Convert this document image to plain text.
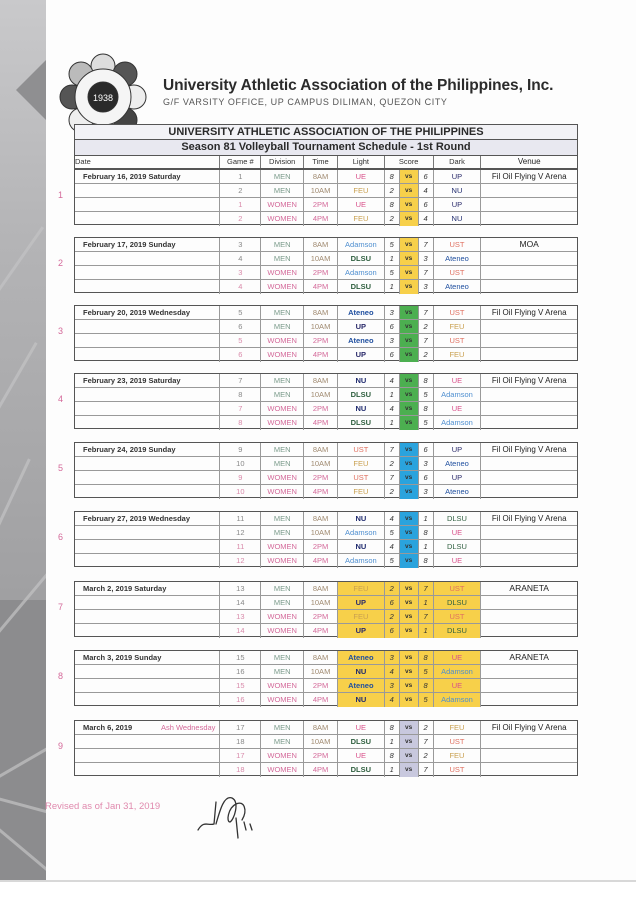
1938
University Athletic Association of the Philippines, Inc.
G/F VARSITY OFFICE, UP CAMPUS DILIMAN, QUEZON CITY
UNIVERSITY ATHLETIC ASSOCIATION OF THE PHILIPPINES
Season 81 Volleyball Tournament Schedule - 1st Round
Date	Game #	Division	Time	Light	Score	Dark	Venue
1
February 16, 2019 Saturday	1	MEN	8AM	UE	8	vs	6	UP	Fil Oil Flying V Arena
2	MEN	10AM	FEU	2	vs	4	NU
1	WOMEN	2PM	UE	8	vs	6	UP
2	WOMEN	4PM	FEU	2	vs	4	NU
2
February 17, 2019 Sunday	3	MEN	8AM	Adamson	5	vs	7	UST	MOA
4	MEN	10AM	DLSU	1	vs	3	Ateneo
3	WOMEN	2PM	Adamson	5	vs	7	UST
4	WOMEN	4PM	DLSU	1	vs	3	Ateneo
3
February 20, 2019 Wednesday	5	MEN	8AM	Ateneo	3	vs	7	UST	Fil Oil Flying V Arena
6	MEN	10AM	UP	6	vs	2	FEU
5	WOMEN	2PM	Ateneo	3	vs	7	UST
6	WOMEN	4PM	UP	6	vs	2	FEU
4
February 23, 2019 Saturday	7	MEN	8AM	NU	4	vs	8	UE	Fil Oil Flying V Arena
8	MEN	10AM	DLSU	1	vs	5	Adamson
7	WOMEN	2PM	NU	4	vs	8	UE
8	WOMEN	4PM	DLSU	1	vs	5	Adamson
5
February 24, 2019 Sunday	9	MEN	8AM	UST	7	vs	6	UP	Fil Oil Flying V Arena
10	MEN	10AM	FEU	2	vs	3	Ateneo
9	WOMEN	2PM	UST	7	vs	6	UP
10	WOMEN	4PM	FEU	2	vs	3	Ateneo
6
February 27, 2019 Wednesday	11	MEN	8AM	NU	4	vs	1	DLSU	Fil Oil Flying V Arena
12	MEN	10AM	Adamson	5	vs	8	UE
11	WOMEN	2PM	NU	4	vs	1	DLSU
12	WOMEN	4PM	Adamson	5	vs	8	UE
7
March 2, 2019 Saturday	13	MEN	8AM	FEU	2	vs	7	UST	ARANETA
14	MEN	10AM	UP	6	vs	1	DLSU
13	WOMEN	2PM	FEU	2	vs	7	UST
14	WOMEN	4PM	UP	6	vs	1	DLSU
8
March 3, 2019 Sunday	15	MEN	8AM	Ateneo	3	vs	8	UE	ARANETA
16	MEN	10AM	NU	4	vs	5	Adamson
15	WOMEN	2PM	Ateneo	3	vs	8	UE
16	WOMEN	4PM	NU	4	vs	5	Adamson
9
March 6, 2019	Ash Wednesday	17	MEN	8AM	UE	8	vs	2	FEU	Fil Oil Flying V Arena
18	MEN	10AM	DLSU	1	vs	7	UST
17	WOMEN	2PM	UE	8	vs	2	FEU
18	WOMEN	4PM	DLSU	1	vs	7	UST
Revised as of Jan 31, 2019
